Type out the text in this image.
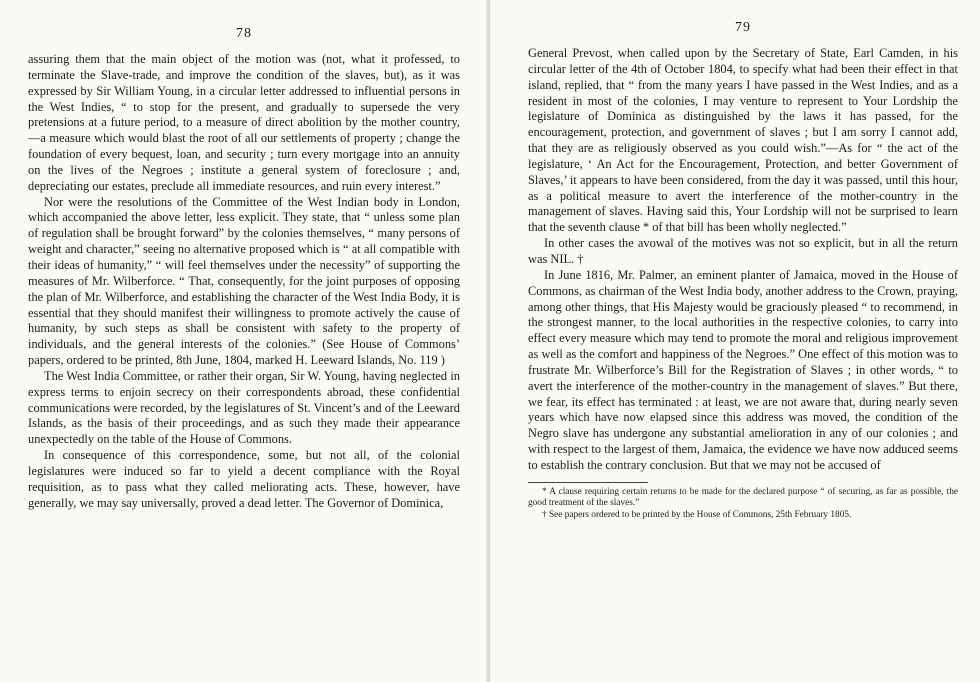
78

assuring them that the main object of the motion was (not, what it professed, to terminate the Slave-trade, and improve the condition of the slaves, but), as it was expressed by Sir William Young, in a circular letter addressed to influential persons in the West Indies, “ to stop for the present, and gradually to supersede the very pretensions at a future period, to a measure of direct abolition by the mother country,—a measure which would blast the root of all our settlements of property ; change the foundation of every bequest, loan, and security ; turn every mortgage into an annuity on the lives of the Negroes ; institute a general system of foreclosure ; and, depreciating our estates, preclude all immediate resources, and ruin every interest.”

Nor were the resolutions of the Committee of the West Indian body in London, which accompanied the above letter, less explicit. They state, that “ unless some plan of regulation shall be brought forward” by the colonies themselves, “ many persons of weight and character,” seeing no alternative proposed which is “ at all compatible with their ideas of humanity,” “ will feel themselves under the necessity” of supporting the measures of Mr. Wilberforce. “ That, consequently, for the joint purposes of opposing the plan of Mr. Wilberforce, and establishing the character of the West India Body, it is essential that they should manifest their willingness to promote actively the cause of humanity, by such steps as shall be consistent with safety to the property of individuals, and the general interests of the colonies.” (See House of Commons’ papers, ordered to be printed, 8th June, 1804, marked H. Leeward Islands, No. 119 )

The West India Committee, or rather their organ, Sir W. Young, having neglected in express terms to enjoin secrecy on their correspondents abroad, these confidential communications were recorded, by the legislatures of St. Vincent’s and of the Leeward Islands, as the basis of their proceedings, and as such they made their appearance unexpectedly on the table of the House of Commons.

In consequence of this correspondence, some, but not all, of the colonial legislatures were induced so far to yield a decent compliance with the Royal requisition, as to pass what they called meliorating acts. These, however, have generally, we may say universally, proved a dead letter. The Governor of Dominica,

79

General Prevost, when called upon by the Secretary of State, Earl Camden, in his circular letter of the 4th of October 1804, to specify what had been their effect in that island, replied, that “ from the many years I have passed in the West Indies, and as a resident in most of the colonies, I may venture to represent to Your Lordship the legislature of Dominica as distinguished by the laws it has passed, for the encouragement, protection, and government of slaves ; but I am sorry I cannot add, that they are as religiously observed as you could wish.”—As for “ the act of the legislature, ‘ An Act for the Encouragement, Protection, and better Government of Slaves,’ it appears to have been considered, from the day it was passed, until this hour, as a political measure to avert the interference of the mother-country in the management of slaves. Having said this, Your Lordship will not be surprised to learn that the seventh clause * of that bill has been wholly neglected.”

In other cases the avowal of the motives was not so explicit, but in all the return was NIL. †

In June 1816, Mr. Palmer, an eminent planter of Jamaica, moved in the House of Commons, as chairman of the West India body, another address to the Crown, praying, among other things, that His Majesty would be graciously pleased “ to recommend, in the strongest manner, to the local authorities in the respective colonies, to carry into effect every measure which may tend to promote the moral and religious improvement as well as the comfort and happiness of the Negroes.” One effect of this motion was to frustrate Mr. Wilberforce’s Bill for the Registration of Slaves ; in other words, “ to avert the interference of the mother-country in the management of slaves.” But there, we fear, its effect has terminated : at least, we are not aware that, during nearly seven years which have now elapsed since this address was moved, the condition of the Negro slave has undergone any substantial amelioration in any of our colonies ; and with respect to the largest of them, Jamaica, the evidence we have now adduced seems to establish the contrary conclusion. But that we may not be accused of

* A clause requiring certain returns to be made for the declared purpose “ of securing, as far as possible, the good treatment of the slaves.”

† See papers ordered to be printed by the House of Commons, 25th February 1805.
